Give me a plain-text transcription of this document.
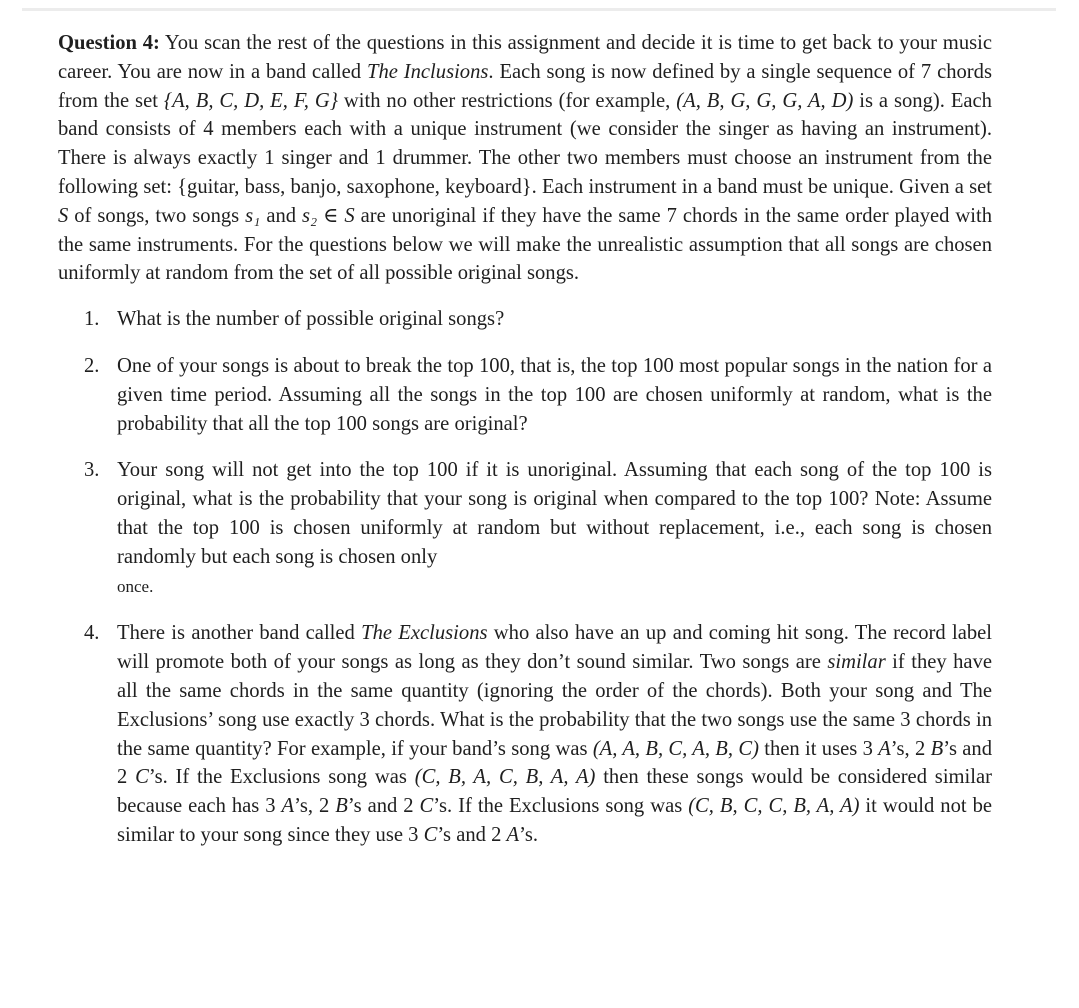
Question 4: You scan the rest of the questions in this assignment and decide it is time to get back to your music career. You are now in a band called The Inclusions. Each song is now defined by a single sequence of 7 chords from the set {A, B, C, D, E, F, G} with no other restrictions (for example, (A, B, G, G, G, A, D) is a song). Each band consists of 4 members each with a unique instrument (we consider the singer as having an instrument). There is always exactly 1 singer and 1 drummer. The other two members must choose an instrument from the following set: {guitar, bass, banjo, saxophone, keyboard}. Each instrument in a band must be unique. Given a set S of songs, two songs s₁ and s₂ ∈ S are unoriginal if they have the same 7 chords in the same order played with the same instruments. For the questions below we will make the unrealistic assumption that all songs are chosen uniformly at random from the set of all possible original songs.

1. What is the number of possible original songs?
2. One of your songs is about to break the top 100, that is, the top 100 most popular songs in the nation for a given time period. Assuming all the songs in the top 100 are chosen uniformly at random, what is the probability that all the top 100 songs are original?
3. Your song will not get into the top 100 if it is unoriginal. Assuming that each song of the top 100 is original, what is the probability that your song is original when compared to the top 100? Note: Assume that the top 100 is chosen uniformly at random but without replacement, i.e., each song is chosen randomly but each song is chosen only
once.
4. There is another band called The Exclusions who also have an up and coming hit song. The record label will promote both of your songs as long as they don’t sound similar. Two songs are similar if they have all the same chords in the same quantity (ignoring the order of the chords). Both your song and The Exclusions’ song use exactly 3 chords. What is the probability that the two songs use the same 3 chords in the same quantity? For example, if your band’s song was (A, A, B, C, A, B, C) then it uses 3 A’s, 2 B’s and 2 C’s. If the Exclusions song was (C, B, A, C, B, A, A) then these songs would be considered similar because each has 3 A’s, 2 B’s and 2 C’s. If the Exclusions song was (C, B, C, C, B, A, A) it would not be similar to your song since they use 3 C’s and 2 A’s.
